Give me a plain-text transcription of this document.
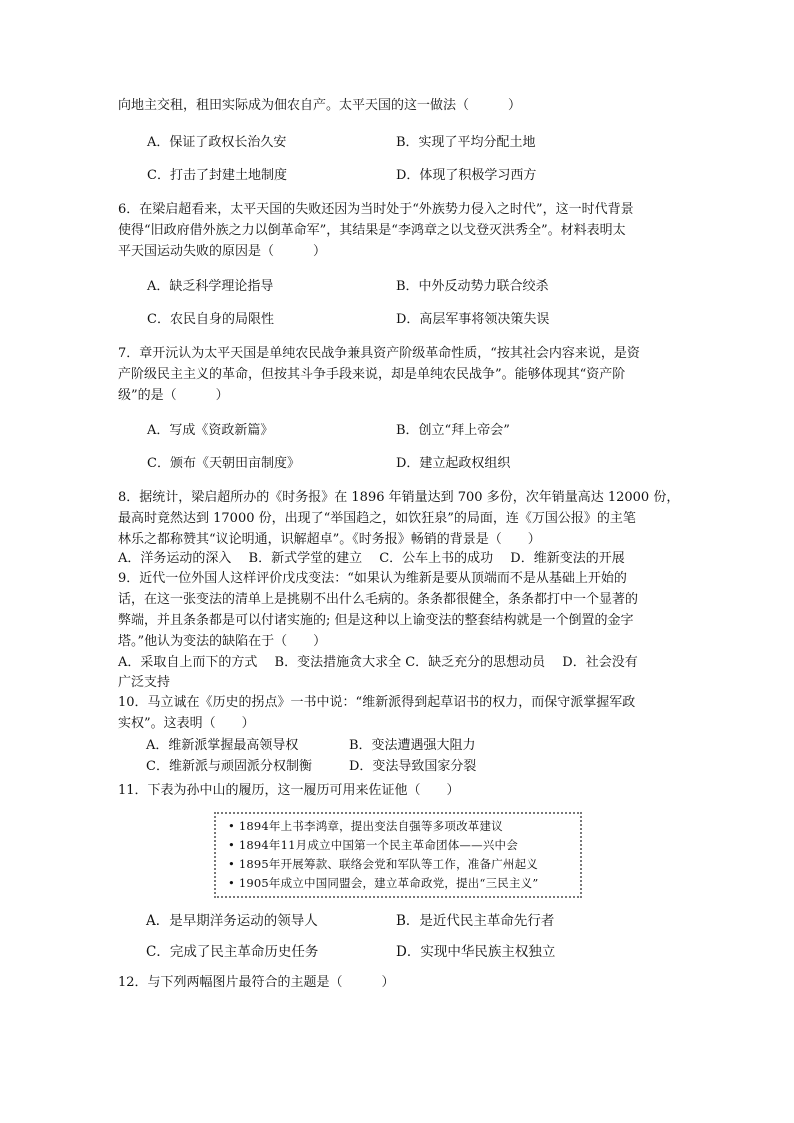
向地主交租，租田实际成为佃农自产。太平天国的这一做法（　　　）
A．保证了政权长治久安	B．实现了平均分配土地
C．打击了封建土地制度	D．体现了积极学习西方
6．在梁启超看来，太平天国的失败还因为当时处于“外族势力侵入之时代”，这一时代背景
使得“旧政府借外族之力以倒革命军”，其结果是“李鸿章之以戈登灭洪秀全”。材料表明太
平天国运动失败的原因是（　　　）
A．缺乏科学理论指导	B．中外反动势力联合绞杀
C．农民自身的局限性	D．高层军事将领决策失误
7．章开沅认为太平天国是单纯农民战争兼具资产阶级革命性质，“按其社会内容来说，是资
产阶级民主主义的革命，但按其斗争手段来说，却是单纯农民战争”。能够体现其“资产阶
级”的是（　　　）
A．写成《资政新篇》	B．创立“拜上帝会”
C．颁布《天朝田亩制度》	D．建立起政权组织
8．据统计，梁启超所办的《时务报》在 1896 年销量达到 700 多份，次年销量高达 12000 份，
最高时竟然达到 17000 份，出现了“举国趋之，如饮狂泉”的局面，连《万国公报》的主笔
林乐之都称赞其“议论明通，识解超卓”。《时务报》畅销的背景是（　　）
A．洋务运动的深入　 B．新式学堂的建立　 C．公车上书的成功　 D．维新变法的开展
9．近代一位外国人这样评价戊戌变法：“如果认为维新是要从顶端而不是从基础上开始的
话，在这一张变法的清单上是挑剔不出什么毛病的。条条都很健全，条条都打中一个显著的
弊端，并且条条都是可以付诸实施的; 但是这种以上谕变法的整套结构就是一个倒置的金字
塔。”他认为变法的缺陷在于（　　）
A．采取自上而下的方式　 B．变法措施贪大求全 C．缺乏充分的思想动员　 D．社会没有
广泛支持
10．马立诚在《历史的拐点》一书中说：“维新派得到起草诏书的权力，而保守派掌握军政
实权”。这表明（　　）
A．维新派掌握最高领导权	B．变法遭遇强大阻力
C．维新派与顽固派分权制衡	D．变法导致国家分裂
11．下表为孙中山的履历，这一履历可用来佐证他（　　）
• 1894年上书李鸿章，提出变法自强等多项改革建议
• 1894年11月成立中国第一个民主革命团体——兴中会
• 1895年开展筹款、联络会党和军队等工作，准备广州起义
• 1905年成立中国同盟会，建立革命政党，提出“三民主义”
A．是早期洋务运动的领导人	B．是近代民主革命先行者
C．完成了民主革命历史任务	D．实现中华民族主权独立
12．与下列两幅图片最符合的主题是（　　　）
